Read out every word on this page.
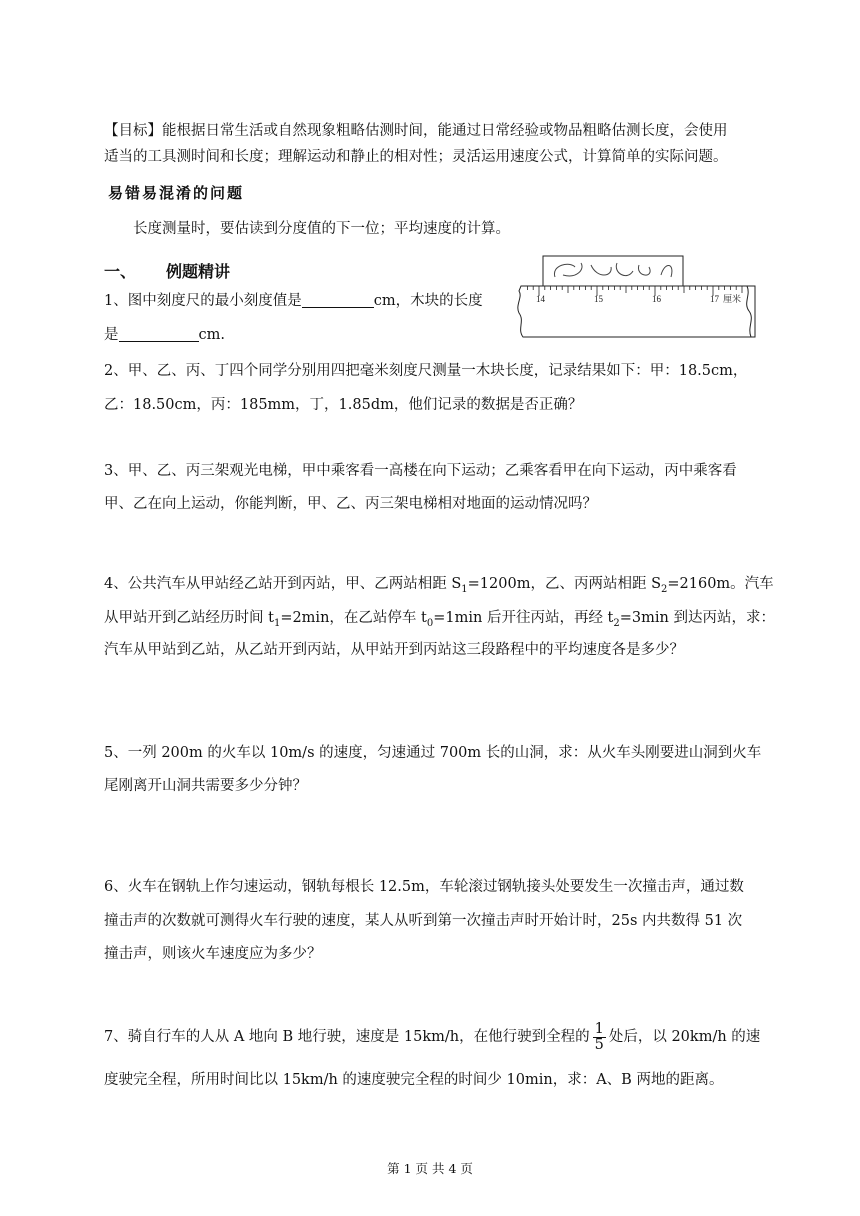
【目标】能根据日常生活或自然现象粗略估测时间，能通过日常经验或物品粗略估测长度，会使用
适当的工具测时间和长度；理解运动和静止的相对性；灵活运用速度公式，计算简单的实际问题。
易错易混淆的问题
长度测量时，要估读到分度值的下一位；平均速度的计算。
一、 例题精讲
1、图中刻度尺的最小刻度值是	cm，木块的长度
是	cm.
14	15	16	17 厘米
2、甲、乙、丙、丁四个同学分别用四把毫米刻度尺测量一木块长度，记录结果如下：甲：18.5cm，
乙：18.50cm，丙：185mm，丁，1.85dm，他们记录的数据是否正确？
3、甲、乙、丙三架观光电梯，甲中乘客看一高楼在向下运动；乙乘客看甲在向下运动，丙中乘客看
甲、乙在向上运动，你能判断，甲、乙、丙三架电梯相对地面的运动情况吗？
4、公共汽车从甲站经乙站开到丙站，甲、乙两站相距 $S_1=1200m$，乙、丙两站相距 $S_2=2160m$。汽车
从甲站开到乙站经历时间 $t_1=2\min$，在乙站停车 $t_0=1\min$ 后开往丙站，再经 $t_2=3\min$ 到达丙站，求：
汽车从甲站到乙站，从乙站开到丙站，从甲站开到丙站这三段路程中的平均速度各是多少？
5、一列 200m 的火车以 10m/s 的速度，匀速通过 700m 长的山洞，求：从火车头刚要进山洞到火车
尾刚离开山洞共需要多少分钟？
6、火车在钢轨上作匀速运动，钢轨每根长 12.5m，车轮滚过钢轨接头处要发生一次撞击声，通过数
撞击声的次数就可测得火车行驶的速度，某人从听到第一次撞击声时开始计时，25s 内共数得 51 次
撞击声，则该火车速度应为多少？
7、骑自行车的人从 A 地向 B 地行驶，速度是 15km/h，在他行驶到全程的 $\frac{1}{5}$ 处后，以 20km/h 的速
度驶完全程，所用时间比以 15km/h 的速度驶完全程的时间少 10min，求：A、B 两地的距离。
第 1 页 共 4 页
